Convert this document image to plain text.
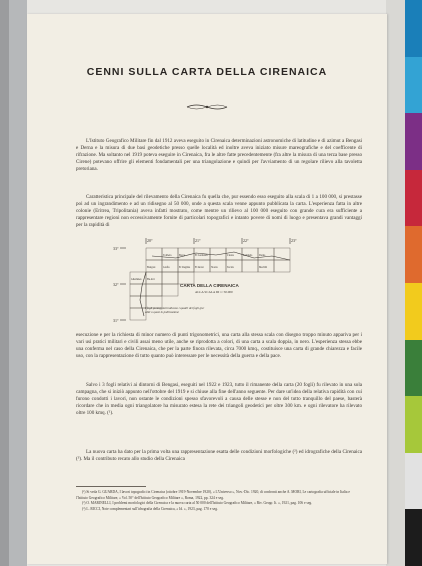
CENNI SULLA CARTA DELLA CIRENAICA
L'Istituto Geografico Militare fin dal 1912 aveva eseguito in Cirenaica determinazioni astronomiche di latitudine e di azimut a Bengasi e Derna e la misura di due basi geodetiche presso quelle località ed inoltre aveva iniziato misure mareografiche e del coefficente di rifrazione. Ma soltanto nel 1919 poteva eseguire in Cirenaica, fra le altre fatte precedentemente (fra altre la misura di una terza base presso Cirene) potevano offrire gli elementi fondamentali per una triangolazione e quindi per l'avviamento di un regolare rilievo alla tavoletta pretoriana.
Caratteristica principale del rilevamento della Cirenaica fu quella che, pur essendo esso eseguito alla scala di 1 a 100 000, si prestasse poi ad un ingrandimento e ad un ridisegno al 50 000, onde a questa scala venne appunto pubblicata la carta. L'esperienza fatta in altre colonie (Eritrea, Tripolitania) aveva infatti mostrato, come mentre un rilievo al 100 000 eseguito con grande cura era sufficiente a rappresentare regioni non eccessivamente fornite di particolari topografici e intanto povere di nomi di luogo e presentava grandi vantaggi per la rapidità di
20°	21°	22°	23°
33°
32°
31°
Tolmeta	Barce	El Gardaiah	Cirene	Derna
Lamluda
Bengasi	Gtafia	Er Regima
Ghemines
El Abiar	Slonta	Tecnis
Bu Atti
Mechili
CARTA DELLA CIRENAICA
ALLA SCALA DI 1: 50.000
I fogli punteggiati indicano i quadri dei fogli gia' editi o quasi in publicazione
esecuzione e per la richiesta di minor numero di punti trigonometrici, una carta alla stessa scala con disegno troppo minuto appariva per i vari usi pratici militari e civili assai meno utile, anche se riprodotta a colori, di una carta a scala doppia, in nero. L'esperienza stessa ebbe una conferma nel caso della Cirenaica, che per la parte finora rilevata, circa 7000 kmq., costituisce una carta di grande chiarezza e facile uso, con la rappresentazione di tutto quanto può interessare per le necessità della guerra e della pace.
Salvo i 3 fogli relativi ai dintorni di Bengasi, eseguiti nel 1922 e 1923, tutto il rimanente della carta (20 fogli) fu rilevato in una sola campagna, che si iniziò appunto nell'ottobre del 1919 e si chiuse alla fine dell'anno seguente. Per dare un'idea della relativa rapidità con cui furono condotti i lavori, non ostante le condizioni spesso sfavorevoli a causa delle stesse e non del tutto tranquillo del paese, basterà ricordare che in media ogni triangolatore ha misurato estesa la rete dei triangoli geodetici per oltre 300 km. e ogni rilevatore ha rilevato oltre 100 kmq. (¹).
La nuova carta ha dato per la prima volta una rappresentazione esatta delle condizioni morfologiche (²) ed idrografiche della Cirenaica (³). Ma il contributo recato allo studio della Cirenaica
(¹) Si veda G. GUARDA, I lavori topografici in Cirenaica (ottobre 1919-Novembre 1920), « L'Universo », Nov.-Dic. 1920, di confronti anche A. MORI, Le cartografia ufficiale in Italia e l'Istituto Geografico Militare, « Vol. 50° dell'Istituto Geografico Militare », Roma, 1922, pp. 324 e seg.
(²) O. MARINELLI, I problemi morfologici della Cirenaica e la nuova carta al 50 000 dell'Istituto Geografico Militare, « Riv. Geogr. It. », 1921, pag. 106 e seg.
(³) L. RICCI, Note complementari sull'idrografia della Cirenaica, « Id. », 1923, pag. 170 e seg.
